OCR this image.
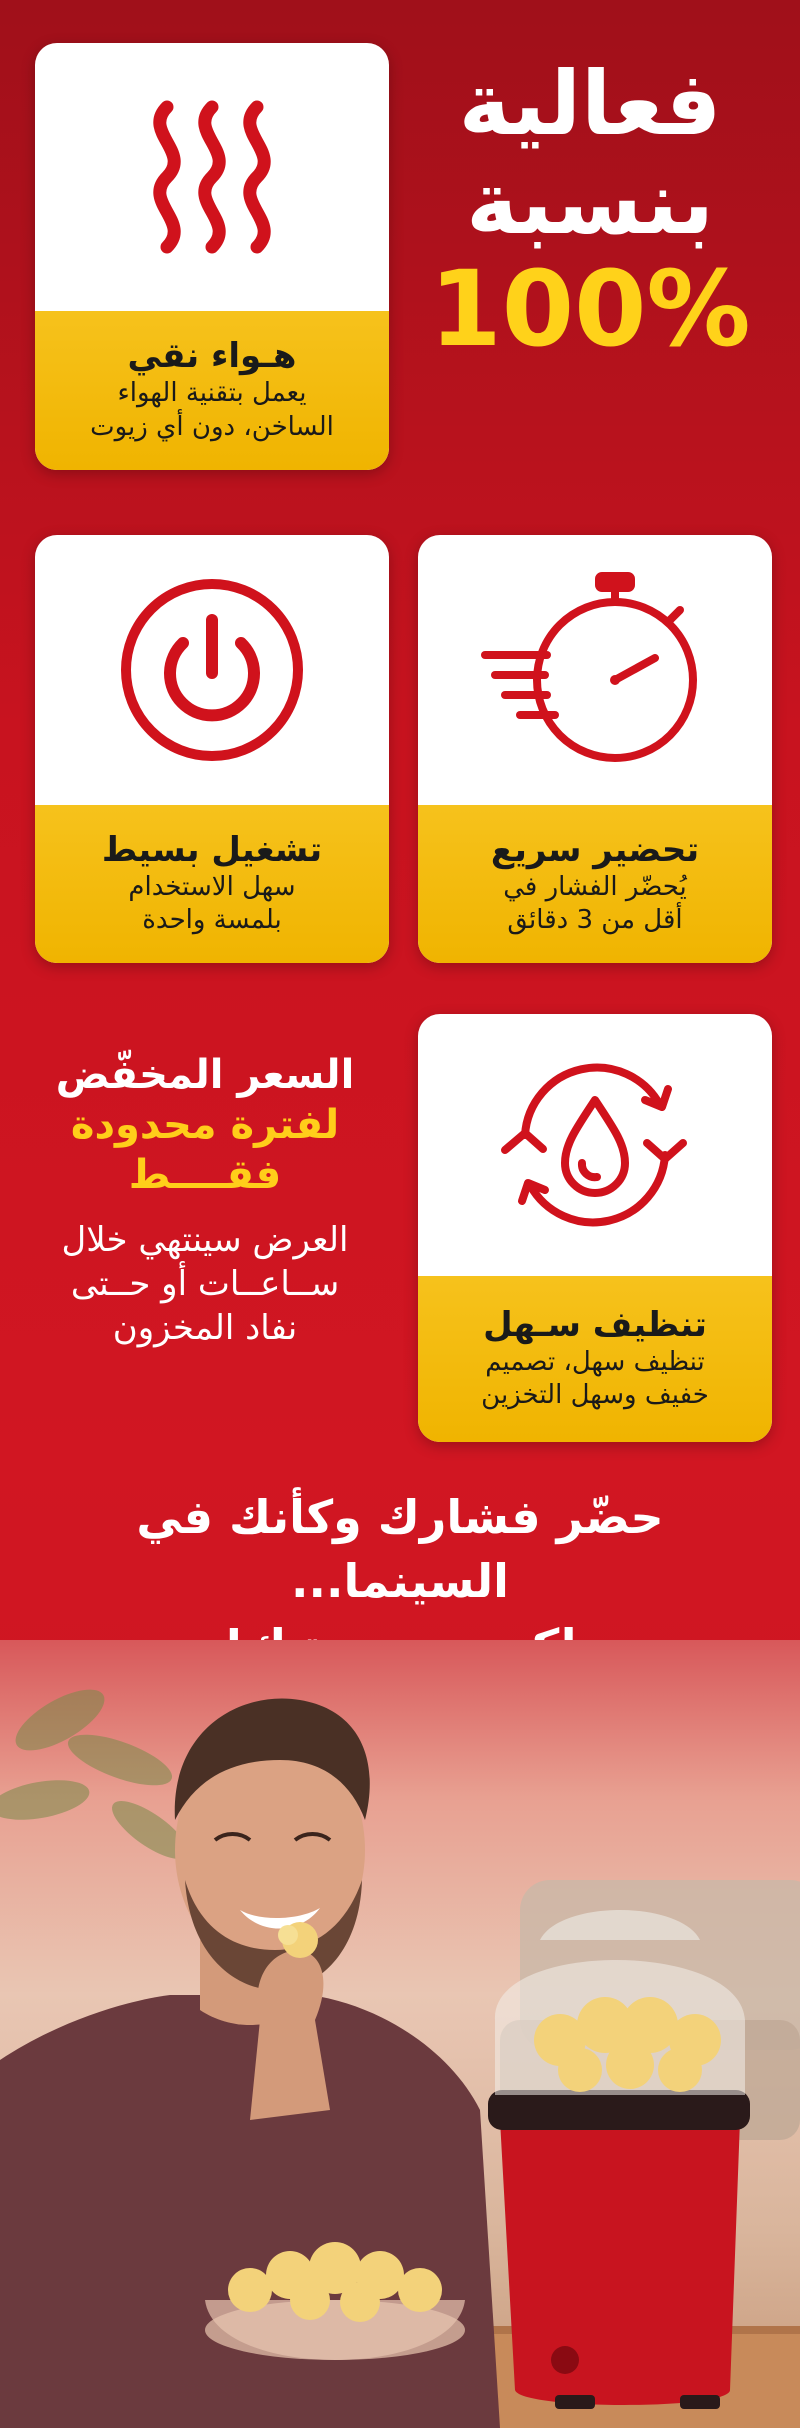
هـواء نقي
يعمل بتقنية الهواء
الساخن، دون أي زيوت
فعالية
بنسبة
100%
تشغيل بسيط
سهل الاستخدام
بلمسة واحدة
تحضير سريع
يُحضّر الفشار في
أقل من 3 دقائق
السعر المخفّض
لفترة محدودة
فقــــط
العرض سينتهي خلال
ســاعــات أو حــتى
نفاد المخزون	تنظيف سـهل
تنظيف سهل، تصميم
خفيف وسهل التخزين
حضّر فشارك وكأنك في السينما...
